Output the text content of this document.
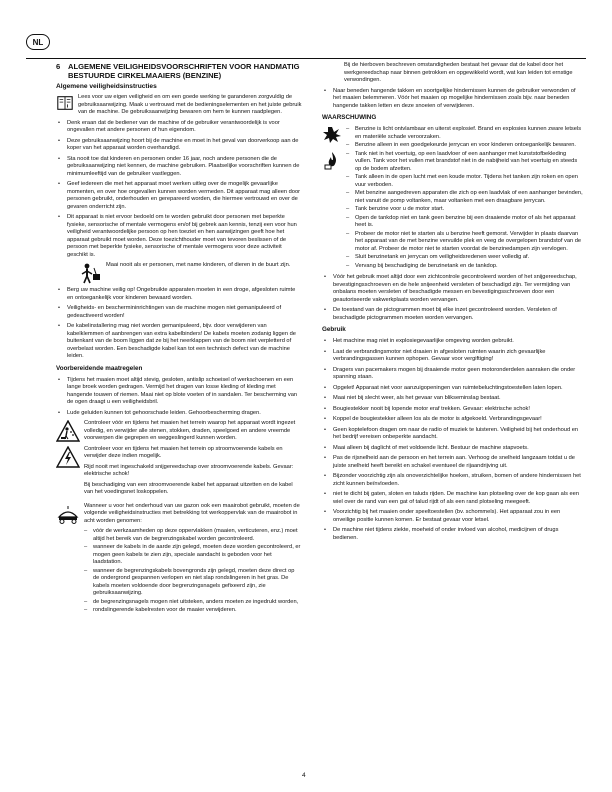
NL
6	ALGEMENE VEILIGHEIDSVOORSCHRIFTEN VOOR HANDMATIG BESTUURDE CIRKELMAAIERS (BENZINE)
Algemene veiligheidsinstructies
i
Lees voor uw eigen veiligheid en om een goede werking te garanderen zorgvuldig de gebruiksaanwijzing. Maak u vertrouwd met de bedieningselementen en het juiste gebruik van de machine. De gebruiksaanwijzing bewaren om hem te kunnen raadplegen.
• Denk eraan dat de bediener van de machine of de gebruiker verantwoordelijk is voor ongevallen met andere personen of hun eigendom.
• Deze gebruiksaanwijzing hoort bij de machine en moet in het geval van doorverkoop aan de koper van het apparaat worden overhandigd.
• Sta nooit toe dat kinderen en personen onder 16 jaar, noch andere personen die de gebruiksaanwijzing niet kennen, de machine gebruiken. Plaatselijke voorschriften kunnen de minimumleeftijd van de gebruiker vastleggen.
• Geef iedereen die met het apparaat moet werken uitleg over de mogelijk gevaarlijke momenten, en over hoe ongevallen kunnen worden vermeden. Dit apparaat mag alleen door personen gebruikt, onderhouden en gerepareerd worden, die hiermee vertrouwd en over de gevaren onderricht zijn.
• Dit apparaat is niet ervoor bedoeld om te worden gebruikt door personen met beperkte fysieke, sensorische of mentale vermogens en/of bij gebrek aan kennis, tenzij een voor hun veiligheid verantwoordelijke persoon op hen toeziet en hen aanwijzingen geeft hoe het apparaat gebruikt moet worden. Deze toezichthouder moet van tevoren beslissen of de persoon met beperkte fysieke, sensorische of mentale vermogens voor deze activiteit geschikt is.
Maai nooit als er personen, met name kinderen, of dieren in de buurt zijn.
• Berg uw machine veilig op! Ongebruikte apparaten moeten in een droge, afgesloten ruimte en ontoegankelijk voor kinderen bewaard worden.
• Veiligheids- en beschermininrichtingen van de machine mogen niet gemanipuleerd of gedeactiveerd worden!
• De kabelinstallering mag niet worden gemanipuleerd, bijv. door verwijderen van kabelklemmen of aanbrengen van extra kabelbinders! De kabels moeten zodanig liggen de buitenkant van de boom liggen dat ze bij het neerklappen van de boom niet verpletterd of overbelast worden. Een beschadigde kabel kan tot een technisch defect van de machine leiden.
Voorbereidende maatregelen
• Tijdens het maaien moet altijd stevig, gesloten, antislip schoeisel of werkschoenen en een lange broek worden gedragen. Vermijd het dragen van losse kleding of kleding met hangende touwen of riemen. Maai niet op blote voeten of in sandalen. Ter bescherming van de ogen draagt u een veiligheidsbril.
• Lude geluiden kunnen tot gehoorschade leiden. Gehoorbescherming dragen.
Controleer vóór en tijdens het maaien het terrein waarop het apparaat wordt ingezet volledig, en verwijder alle stenen, stokken, draden, speelgoed en andere vreemde voorwerpen die gegrepen en weggeslingerd kunnen worden.

Controleer voor en tijdens het maaien het terrein op stroomvoerende kabels en verwijder deze indien mogelijk.

Rijd nooit met ingeschakeld snijgereedschap over stroomvoerende kabels. Gevaar: elektrische schok!

Bij beschadiging van een stroomvoerende kabel het apparaat uitzetten en de kabel van het voedingsnet loskoppelen.

Wanneer u voor het onderhoud van uw gazon ook een maairobot gebruikt, moeten de volgende veiligheidsinstructies met betrekking tot werkoppervlak van de maairobot in acht worden genomen:

– vóór de werkzaamheden op deze oppervlakken (maaien, verticuteren, enz.) moet altijd het bereik van de begrenzingskabel worden gecontroleerd.
– wanneer de kabels in de aarde zijn gelegd, moeten deze worden gecontroleerd, er mogen geen kabels te zien zijn, speciale aandacht is geboden voor het laadstation.
– wanneer de begrenzingskabels bovengronds zijn gelegd, moeten deze direct op de ondergrond gespannen verlopen en niet slap rondslingeren in het gras. De kabels moeten voldoende door begrenzingsnagels gefixeerd zijn, zie gebruiksaanwijzing.
– de begrenzingsnagels mogen niet uitsteken, anders moeten ze ingedrukt worden,
– rondslingerende kabelresten voor de maaier verwijderen.

Bij de hierboven beschreven omstandigheden bestaat het gevaar dat de kabel door het werkgereedschap naar binnen getrokken en opgewikkeld wordt, wat kan leiden tot ernstige verwondingen.

• Naar beneden hangende takken en soortgelijke hindernissen kunnen de gebruiker verwonden of het maaien belemmeren. Vóór het maaien op mogelijke hindernissen zoals bijv. naar beneden hangende takken letten en deze snoeien of verwijderen.
WAARSCHUWING
– Benzine is licht ontvlambaar en uiterst explosief. Brand en explosies kunnen zware letsels en materiële schade veroorzaken.
– Benzine alleen in een goedgekeurde jerrycan en voor kinderen ontoegankelijk bewaren.
– Tank niet in het voertuig, op een laadvloer of een aanhanger met kunststofbekleding vullen. Tank voor het vullen met brandstof niet in de nabijheid van het voertuig en steeds op de bodem afzetten.
– Tank alleen in de open lucht met een koude motor. Tijdens het tanken zijn roken en open vuur verboden.
– Met benzine aangedreven apparaten die zich op een laadvlak of een aanhanger bevinden, niet vanuit de pomp voltanken, maar voltanken met een draagbare jerrycan.
– Tank benzine voor u de motor start.
– Open de tankdop niet en tank geen benzine bij een draaiende motor of als het apparaat heet is.
– Probeer de motor niet te starten als u benzine heeft gemorst. Verwijder in plaats daarvan het apparaat van de met benzine vervuilde plek en veeg de overgelopen brandstof van de motor af. Probeer de motor niet te starten voordat de benzinedampen zijn vervlogen.
– Sluit benzinetank en jerrycan om veiligheidsredenen weer volledig af.
– Vervang bij beschadiging de benzinetank en de tankdop.
• Vóór het gebruik moet altijd door een zichtcontrole gecontroleerd worden of het snijgereedschap, bevestigingsschroeven en de hele snijeenheid versleten of beschadigd zijn. Ter vermijding van onbalans moeten versleten of beschadigde messen en bevestigingsschroeven door een geautoriseerde vakwerkplaats worden vervangen.
• De toestand van de pictogrammen moet bij elke inzet gecontroleerd worden. Versleten of beschadigde pictogrammen moeten worden vervangen.
Gebruik
• Het machine mag niet in explosiegevaarlijke omgeving worden gebruikt.
• Laat de verbrandingsmotor niet draaien in afgesloten ruimten waarin zich gevaarlijke verbrandingsgassen kunnen ophopen. Gevaar voor vergiftiging!
• Dragers van pacemakers mogen bij draaiende motor geen motoronderdelen aanraken die onder spanning staan.
• Opgelet! Apparaat niet voor aanzuigopeningen van ruimtebeluchtingstoestellen laten lopen.
• Maai niet bij slecht weer, als het gevaar van blikseminslag bestaat.
• Bougiestekker nooit bij lopende motor eraf trekken. Gevaar: elektrische schok!
• Koppel de bougiestekker alleen los als de motor is afgekoeld. Verbrandingsgevaar!
• Geen koptelefoon dragen om naar de radio of muziek te luisteren. Veiligheid bij het onderhoud en het bedrijf vereisen onbeperkte aandacht.
• Maai alleen bij daglicht of met voldoende licht. Bestuur de machine stapvoets.
• Pas de rijsnelheid aan de persoon en het terrein aan. Verhoog de snelheid langzaam totdat u de juiste snelheid heeft bereikt en schakel eventueel de rijaandrijving uit.
• Bijzonder voorzichtig zijn als onoverzichtelijke hoeken, struiken, bomen of andere hindernissen het zicht kunnen beïnvloeden.
• niet te dicht bij gaten, sloten en taluds rijden. De machine kan plotseling over de kop gaan als een wiel over de rand van een gat of talud rijdt of als een rand plotseling meegeeft.
• Voorzichtig bij het maaien onder speeltoestellen (bv. schommels). Het apparaat zou in een onveilige positie kunnen komen. Er bestaat gevaar voor letsel.
• De machine niet tijdens ziekte, moeheid of onder invloed van alcohol, medicijnen of drugs bedienen.
4
